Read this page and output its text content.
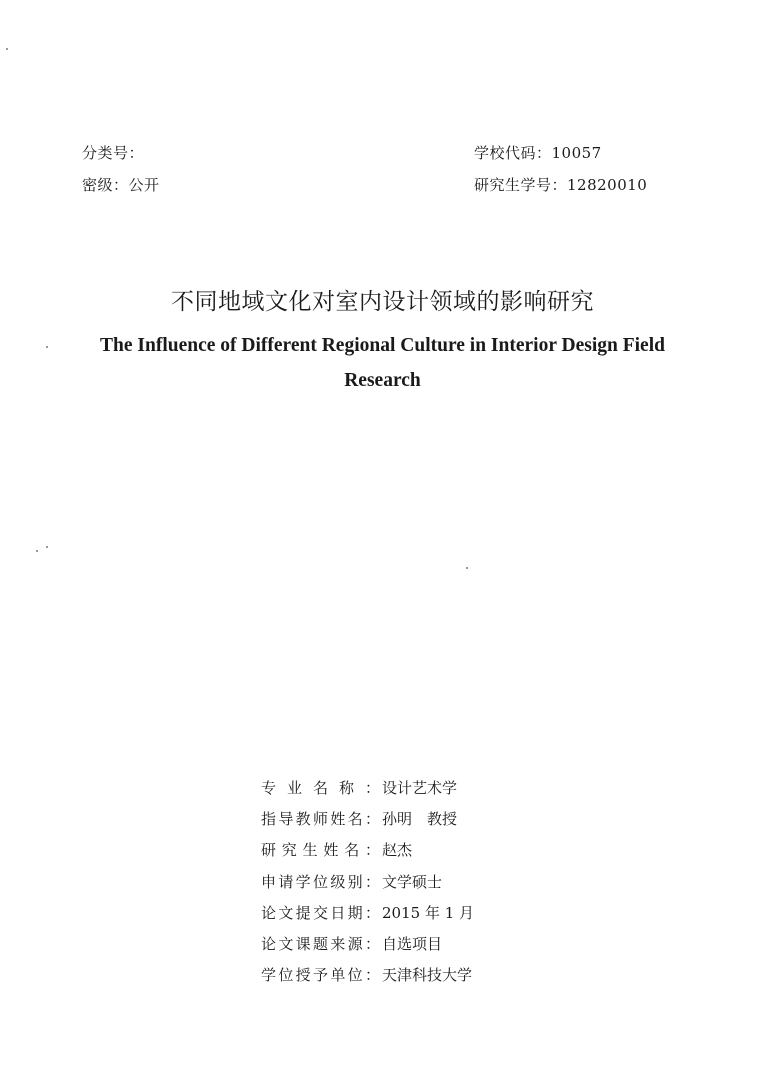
分类号：
密级：公开
学校代码：10057
研究生学号：12820010
不同地域文化对室内设计领域的影响研究
The Influence of Different Regional Culture in Interior Design Field Research
专 业 名 称 ： 设计艺术学
指 导 教 师 姓 名 ： 孙明　教授
研 究 生 姓 名 ： 赵杰
申 请 学 位 级 别 ： 文学硕士
论 文 提 交 日 期 ： 2015 年 1 月
论 文 课 题 来 源 ： 自选项目
学 位 授 予 单 位 ： 天津科技大学
